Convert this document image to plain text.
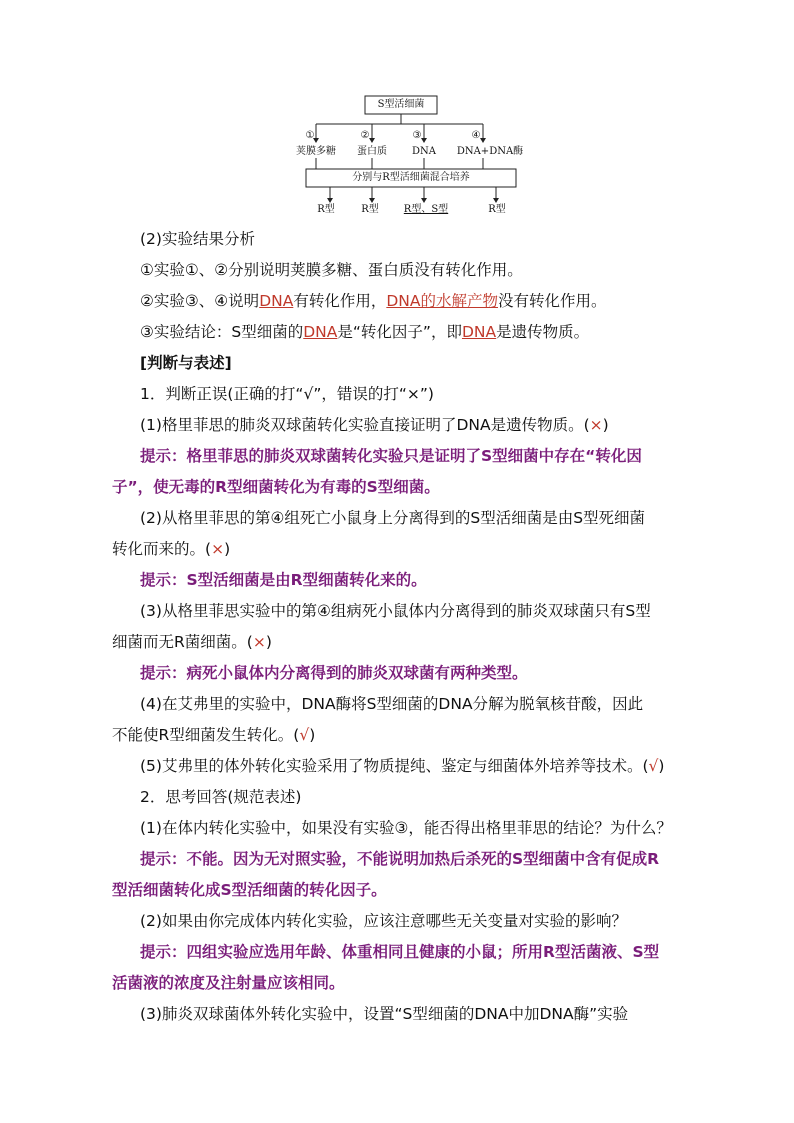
S型活细菌
①	②	③	④
荚膜多糖 蛋白质	DNA DNA+DNA酶
分别与R型活细菌混合培养
R型	R型	R型、S型	R型
(2)实验结果分析
①实验①、②分别说明荚膜多糖、蛋白质没有转化作用。
②实验③、④说明DNA有转化作用，DNA的水解产物没有转化作用。
③实验结论：S型细菌的DNA是“转化因子”，即DNA是遗传物质。
[判断与表述]
1．判断正误(正确的打“√”，错误的打“×”)
(1)格里菲思的肺炎双球菌转化实验直接证明了DNA是遗传物质。(×)
提示：格里菲思的肺炎双球菌转化实验只是证明了S型细菌中存在“转化因
子”，使无毒的R型细菌转化为有毒的S型细菌。
(2)从格里菲思的第④组死亡小鼠身上分离得到的S型活细菌是由S型死细菌
转化而来的。(×)
提示：S型活细菌是由R型细菌转化来的。
(3)从格里菲思实验中的第④组病死小鼠体内分离得到的肺炎双球菌只有S型
细菌而无R菌细菌。(×)
提示：病死小鼠体内分离得到的肺炎双球菌有两种类型。
(4)在艾弗里的实验中，DNA酶将S型细菌的DNA分解为脱氧核苷酸，因此
不能使R型细菌发生转化。(√)
(5)艾弗里的体外转化实验采用了物质提纯、鉴定与细菌体外培养等技术。(√)
2．思考回答(规范表述)
(1)在体内转化实验中，如果没有实验③，能否得出格里菲思的结论？为什么？
提示：不能。因为无对照实验，不能说明加热后杀死的S型细菌中含有促成R
型活细菌转化成S型活细菌的转化因子。
(2)如果由你完成体内转化实验，应该注意哪些无关变量对实验的影响？
提示：四组实验应选用年龄、体重相同且健康的小鼠；所用R型活菌液、S型
活菌液的浓度及注射量应该相同。
(3)肺炎双球菌体外转化实验中，设置“S型细菌的DNA中加DNA酶”实验
